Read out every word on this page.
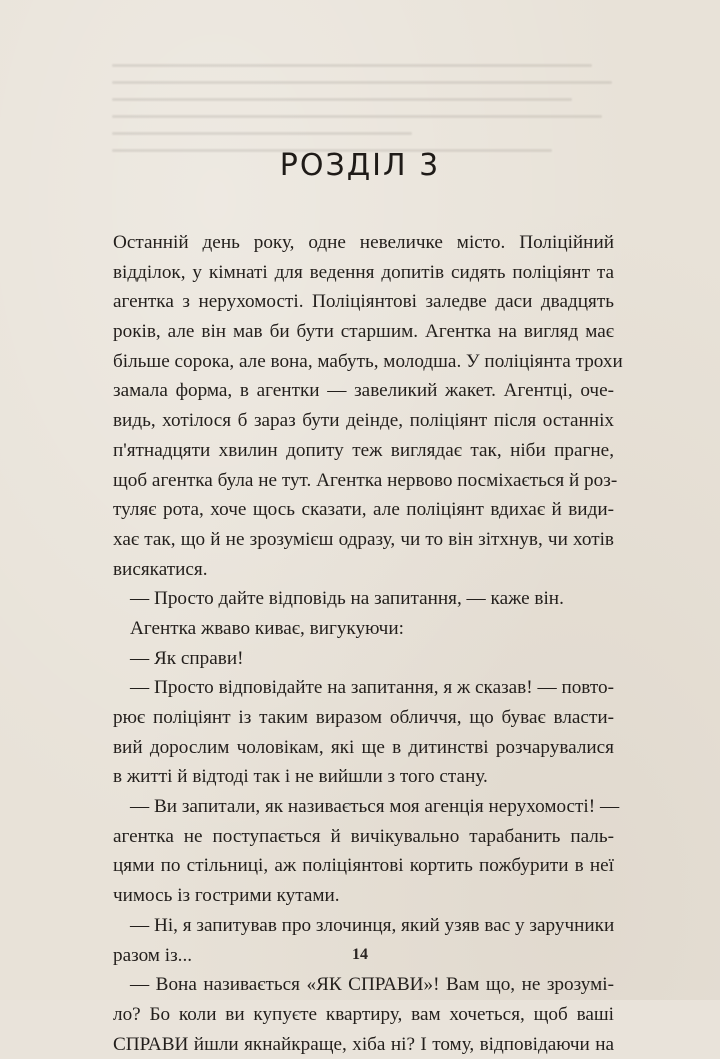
РОЗДІЛ 3
Останній день року, одне невеличке місто. Поліційний
відділок, у кімнаті для ведення допитів сидять поліціянт та
агентка з нерухомості. Поліціянтові заледве даси двадцять
років, але він мав би бути старшим. Агентка на вигляд має
більше сорока, але вона, мабуть, молодша. У поліціянта трохи
замала форма, в агентки — завеликий жакет. Агентці, оче-
видь, хотілося б зараз бути деінде, поліціянт після останніх
п'ятнадцяти хвилин допиту теж виглядає так, ніби прагне,
щоб агентка була не тут. Агентка нервово посміхається й роз-
туляє рота, хоче щось сказати, але поліціянт вдихає й види-
хає так, що й не зрозумієш одразу, чи то він зітхнув, чи хотів
висякатися.
— Просто дайте відповідь на запитання, — каже він.
Агентка жваво киває, вигукуючи:
— Як справи!
— Просто відповідайте на запитання, я ж сказав! — повто-
рює поліціянт із таким виразом обличчя, що буває власти-
вий дорослим чоловікам, які ще в дитинстві розчарувалися
в житті й відтоді так і не вийшли з того стану.
— Ви запитали, як називається моя агенція нерухомості! —
агентка не поступається й вичікувально тарабанить паль-
цями по стільниці, аж поліціянтові кортить пожбурити в неї
чимось із гострими кутами.
— Ні, я запитував про злочинця, який узяв вас у заручники
разом із...
— Вона називається «ЯК СПРАВИ»! Вам що, не зрозумі-
ло? Бо коли ви купуєте квартиру, вам хочеться, щоб ваші
СПРАВИ йшли якнайкраще, хіба ні? І тому, відповідаючи на
14
